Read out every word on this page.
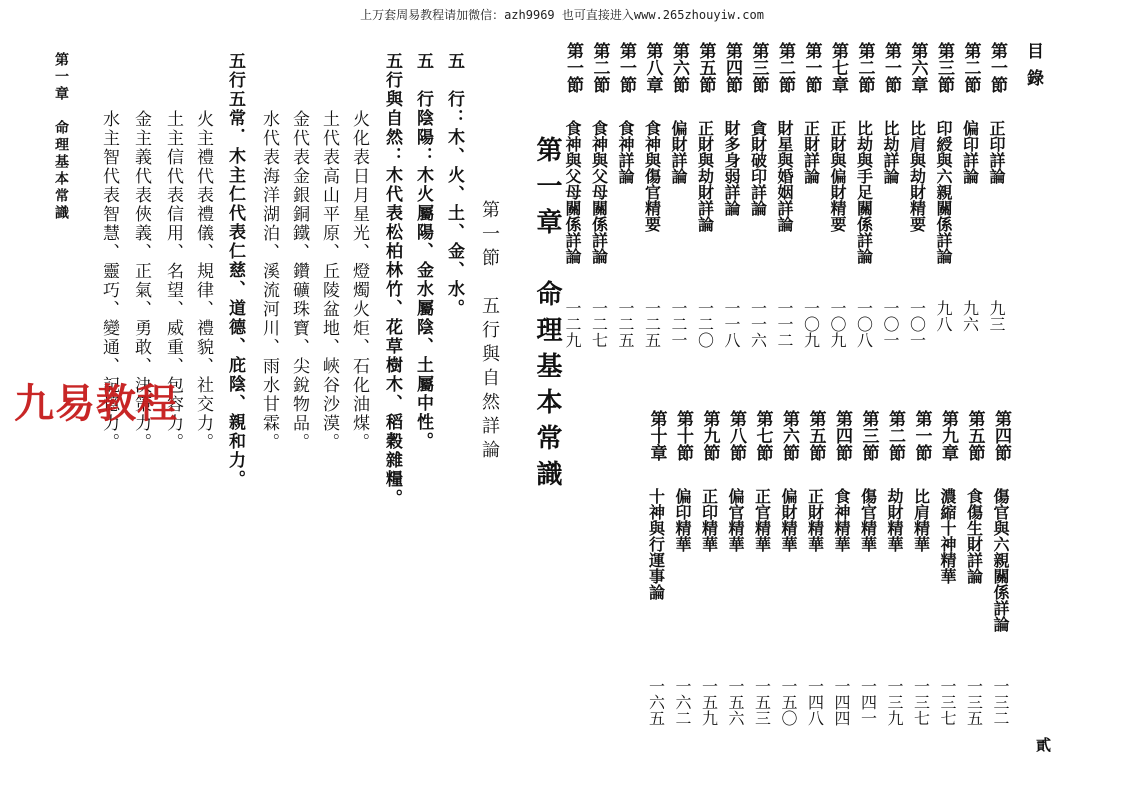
上万套周易教程请加微信：azh9969 也可直接进入www.265zhouyiw.com
目錄
第一節
正印詳論
九三
第二節
偏印詳論
九六
第三節
印綬與六親關係詳論
九八
第六章
比肩與劫財精要
一〇一
第一節
比劫詳論
一〇一
第二節
比劫與手足關係詳論
一〇八
第七章
正財與偏財精要
一〇九
第一節
正財詳論
一〇九
第二節
財星與婚姻詳論
一一二
第三節
貪財破印詳論
一一六
第四節
財多身弱詳論
一一八
第五節
正財與劫財詳論
一二〇
第六節
偏財詳論
一二一
第八章
食神與傷官精要
一二五
第一節
食神詳論
一二五
第二節
食神與父母關係詳論
一二七
第一節
食神與父母關係詳論
一二九
第四節
傷官與六親關係詳論
一三二
第五節
食傷生財詳論
一三五
第九章
濃縮十神精華
一三七
第一節
比肩精華
一三七
第二節
劫財精華
一三九
第三節
傷官精華
一四一
第四節
食神精華
一四四
第五節
正財精華
一四八
第六節
偏財精華
一五〇
第七節
正官精華
一五三
第八節
偏官精華
一五六
第九節
正印精華
一五九
第十節
偏印精華
一六二
第十章
十神與行運事論
一六五
貳
第一章　命理基本常識
第一節　五行與自然詳論
五　行：木、火、土、金、水。
五　行陰陽：木火屬陽、金水屬陰、土屬中性。
五行與自然：木代表松柏林竹、花草樹木、稻穀雜糧。
火化表日月星光、燈燭火炬、石化油煤。
土代表高山平原、丘陵盆地、峽谷沙漠。
金代表金銀銅鐵、鑽礦珠寶、尖銳物品。
水代表海洋湖泊、溪流河川、雨水甘霖。
五行五常．木主仁代表仁慈、道德、庇陰、親和力。
火主禮代表禮儀、規律、禮貌、社交力。
土主信代表信用、名望、威重、包容力。
金主義代表俠義、正氣、勇敢、決策力。
水主智代表智慧、靈巧、變通、記憶力。
第一章　命理基本常識
九易教程
